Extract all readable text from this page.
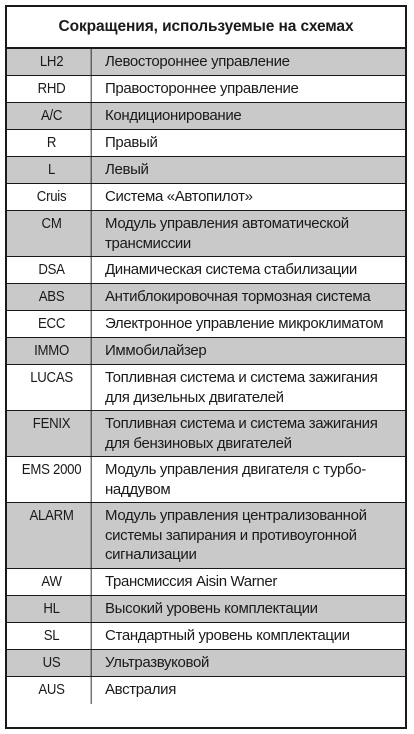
Сокращения, используемые на схемах
LH2	Левостороннее управление
RHD	Правостороннее управление
A/C	Кондиционирование
R	Правый
L	Левый
Cruis	Система «Автопилот»
CM	Модуль управления автоматической трансмиссии
DSA	Динамическая система стабилизации
ABS	Антиблокировочная тормозная система
ECC	Электронное управление микроклиматом
IMMO	Иммобилайзер
LUCAS	Топливная система и система зажигания для дизельных двигателей
FENIX	Топливная система и система зажигания для бензиновых двигателей
EMS 2000	Модуль управления двигателя с турбо-наддувом
ALARM	Модуль управления централизованной системы запирания и противоугонной сигнализации
AW	Трансмиссия Aisin Warner
HL	Высокий уровень комплектации
SL	Стандартный уровень комплектации
US	Ультразвуковой
AUS	Австралия
